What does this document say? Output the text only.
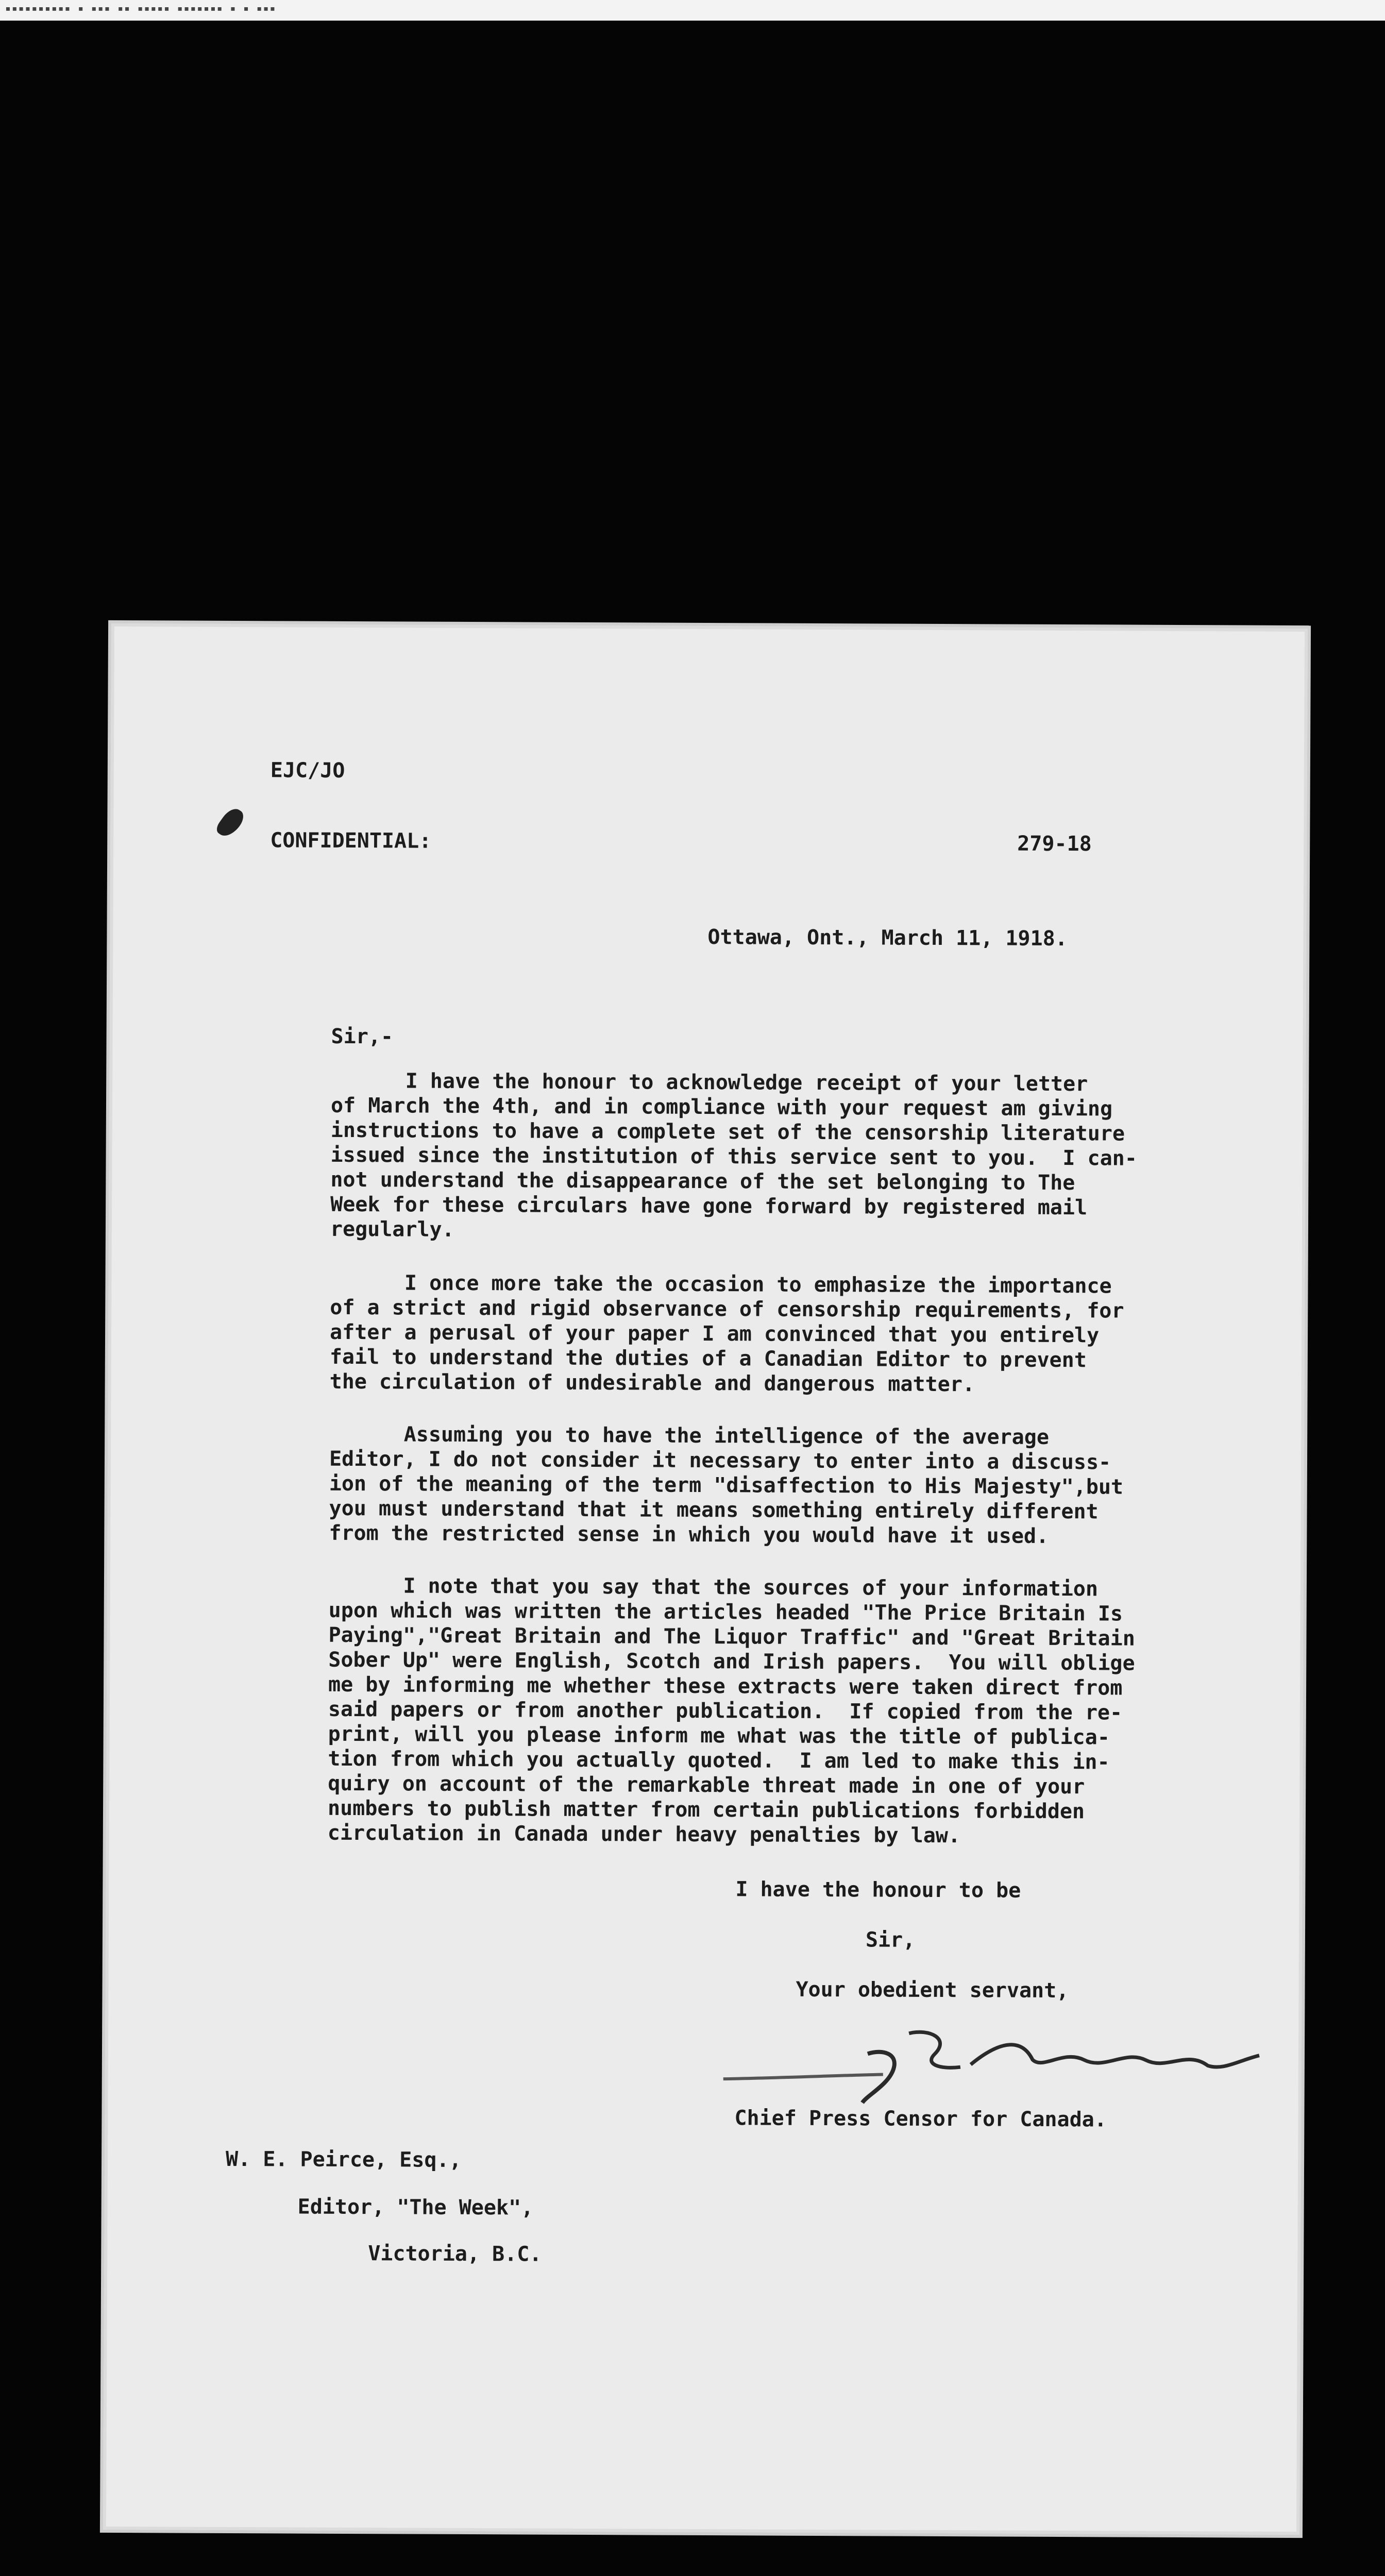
▪▪▪▪▪▪▪▪▪▪ ▪ ▪▪▪ ▪▪ ▪▪▪▪▪ ▪▪▪▪▪▪▪ ▪ ▪ ▪▪▪

EJC/JO

CONFIDENTIAL:	279-18

Ottawa, Ont., March 11, 1918.

Sir,-

I have the honour to acknowledge receipt of your letter
of March the 4th, and in compliance with your request am giving
instructions to have a complete set of the censorship literature
issued since the institution of this service sent to you.  I can-
not understand the disappearance of the set belonging to The
Week for these circulars have gone forward by registered mail
regularly.
I once more take the occasion to emphasize the importance
of a strict and rigid observance of censorship requirements, for
after a perusal of your paper I am convinced that you entirely
fail to understand the duties of a Canadian Editor to prevent
the circulation of undesirable and dangerous matter.
Assuming you to have the intelligence of the average
Editor, I do not consider it necessary to enter into a discuss-
ion of the meaning of the term "disaffection to His Majesty",but
you must understand that it means something entirely different
from the restricted sense in which you would have it used.
I note that you say that the sources of your information
upon which was written the articles headed "The Price Britain Is
Paying","Great Britain and The Liquor Traffic" and "Great Britain
Sober Up" were English, Scotch and Irish papers.  You will oblige
me by informing me whether these extracts were taken direct from
said papers or from another publication.  If copied from the re-
print, will you please inform me what was the title of publica-
tion from which you actually quoted.  I am led to make this in-
quiry on account of the remarkable threat made in one of your
numbers to publish matter from certain publications forbidden
circulation in Canada under heavy penalties by law.

I have the honour to be

Sir,

Your obedient servant,

Chief Press Censor for Canada.

W. E. Peirce, Esq.,

Editor, "The Week",

Victoria, B.C.
